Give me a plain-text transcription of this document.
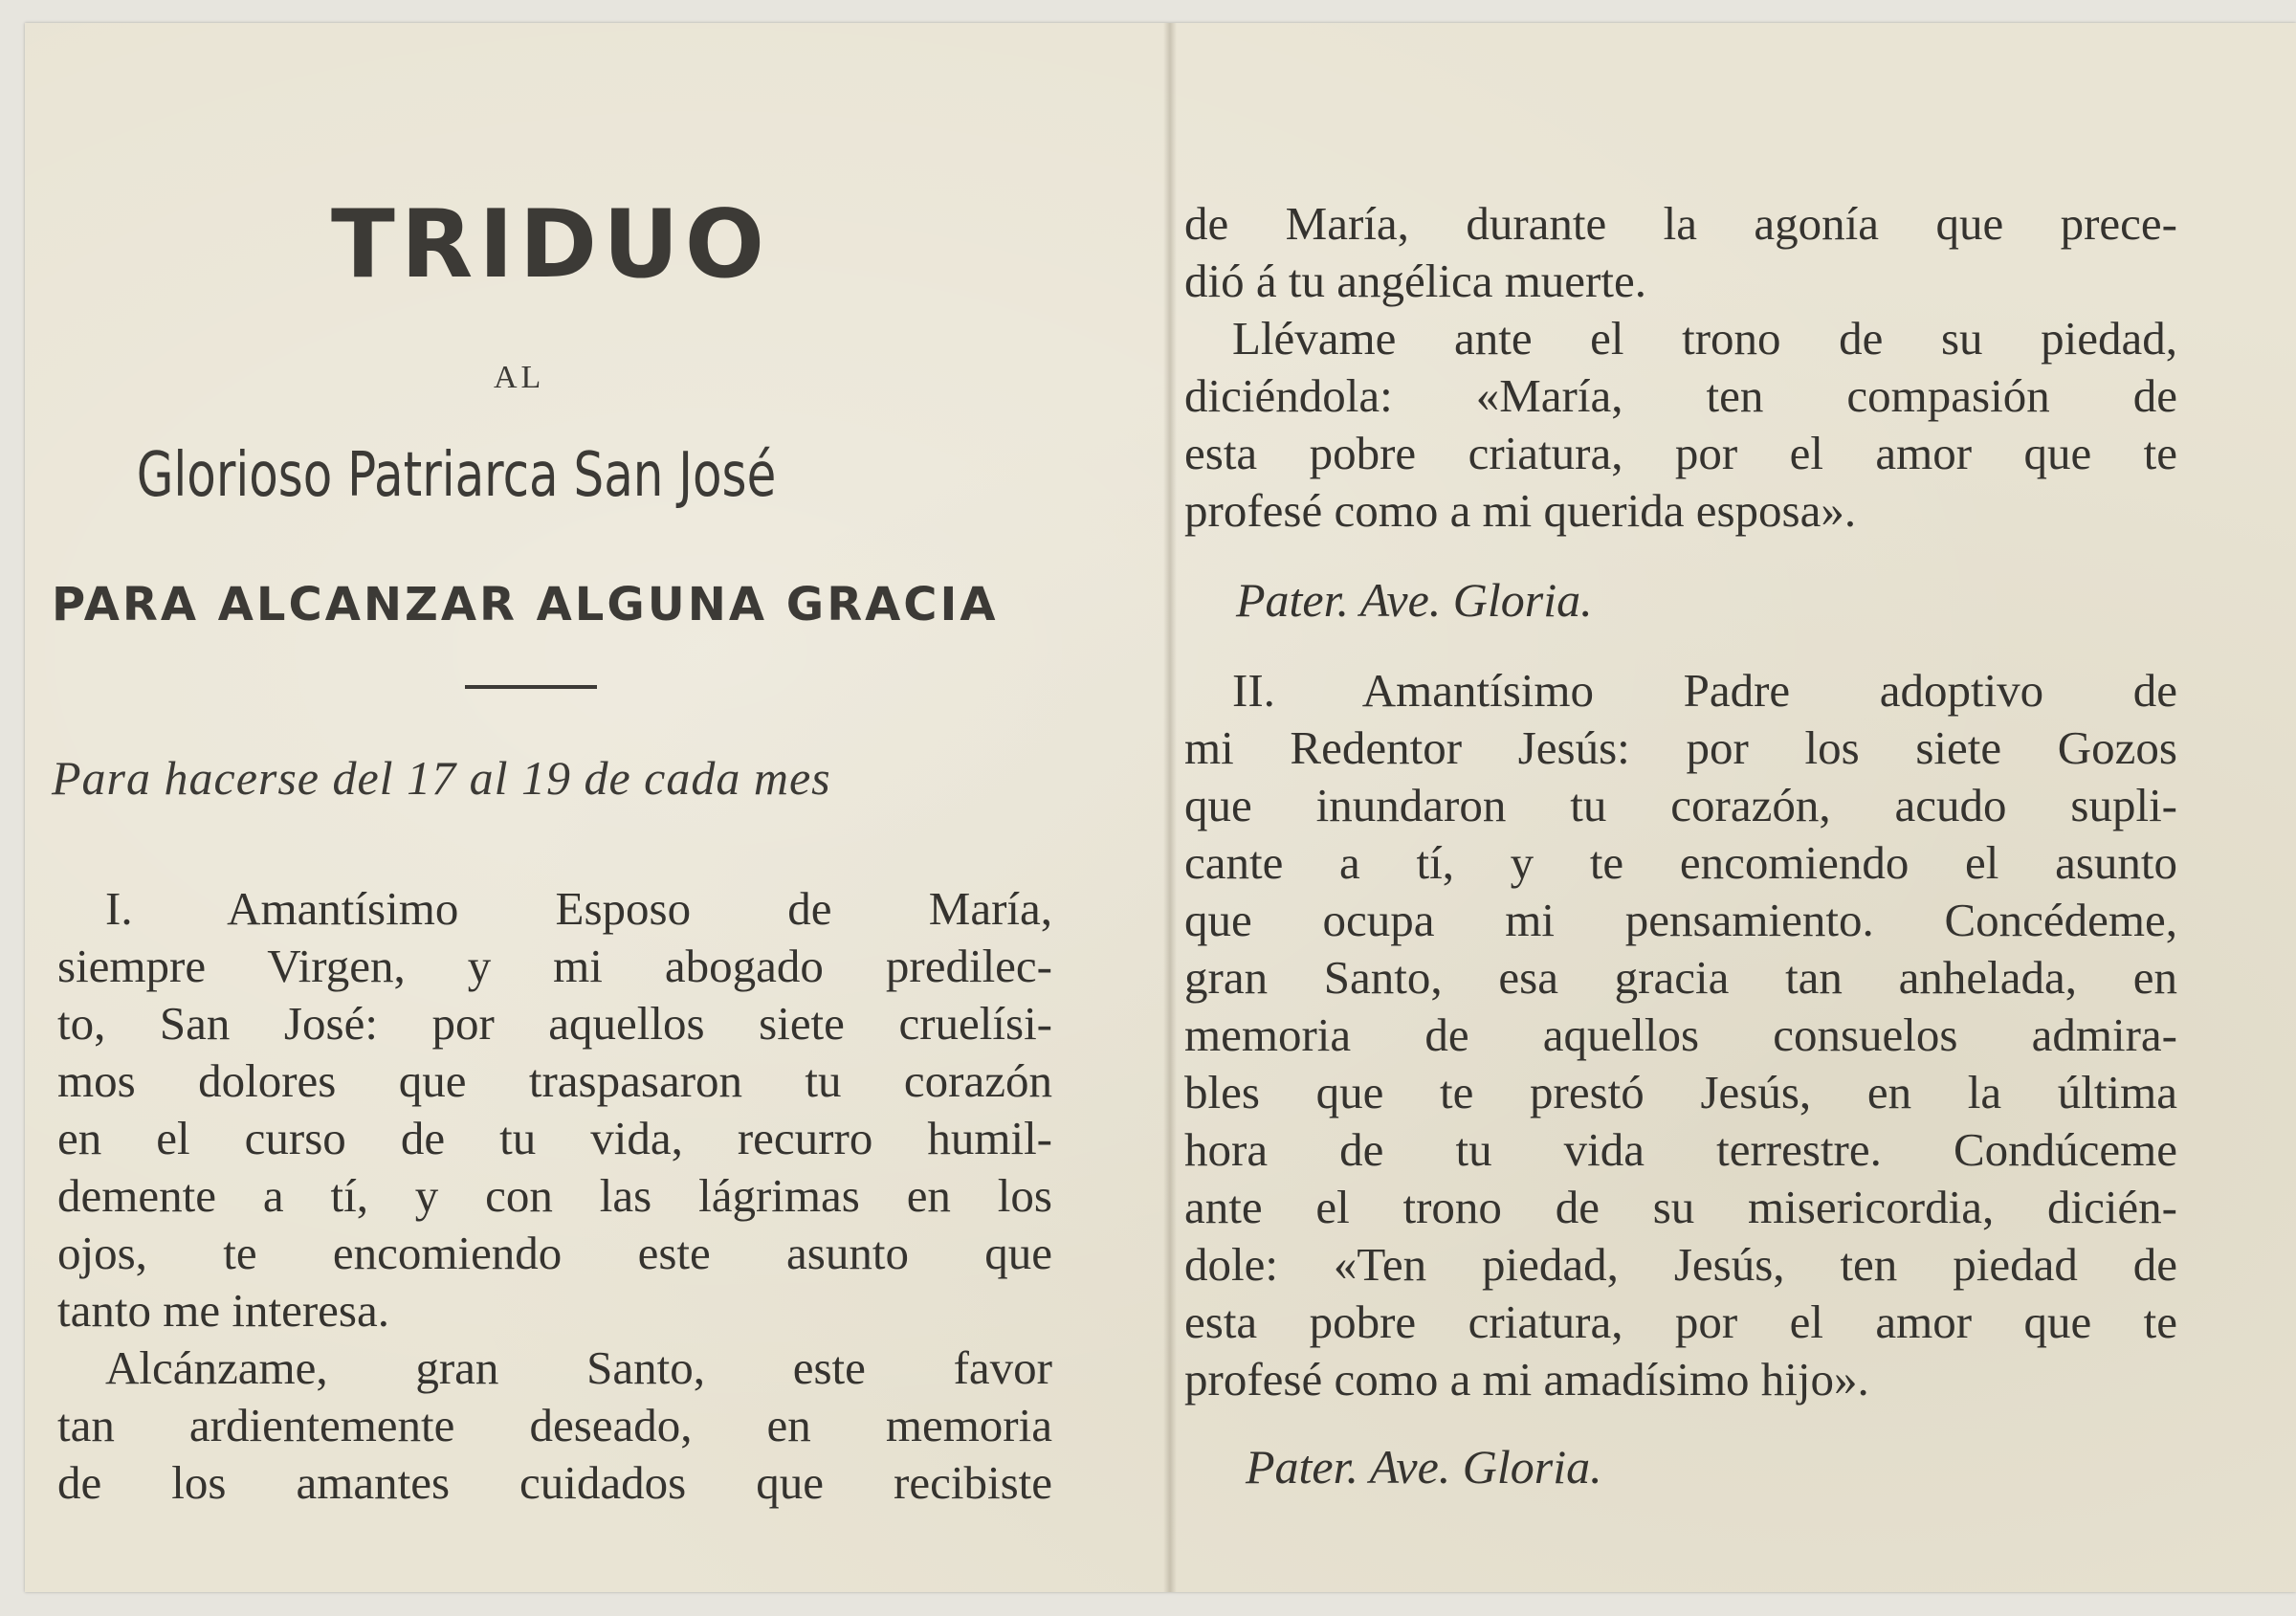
TRIDUO
AL
Glorioso Patriarca San José
PARA ALCANZAR ALGUNA GRACIA
Para hacerse del 17 al 19 de cada mes
I. Amantísimo Esposo de María,
siempre Virgen, y mi abogado predilec-
to, San José: por aquellos siete cruelísi-
mos dolores que traspasaron tu corazón
en el curso de tu vida, recurro humil-
demente a tí, y con las lágrimas en los
ojos, te encomiendo este asunto que
tanto me interesa.
Alcánzame, gran Santo, este favor
tan ardientemente deseado, en memoria
de los amantes cuidados que recibiste
de María, durante la agonía que prece-
dió á tu angélica muerte.
Llévame ante el trono de su piedad,
diciéndola: «María, ten compasión de
esta pobre criatura, por el amor que te
profesé como a mi querida esposa».
Pater. Ave. Gloria.
II. Amantísimo Padre adoptivo de
mi Redentor Jesús: por los siete Gozos
que inundaron tu corazón, acudo supli-
cante a tí, y te encomiendo el asunto
que ocupa mi pensamiento. Concédeme,
gran Santo, esa gracia tan anhelada, en
memoria de aquellos consuelos admira-
bles que te prestó Jesús, en la última
hora de tu vida terrestre. Condúceme
ante el trono de su misericordia, dicién-
dole: «Ten piedad, Jesús, ten piedad de
esta pobre criatura, por el amor que te
profesé como a mi amadísimo hijo».
Pater. Ave. Gloria.
